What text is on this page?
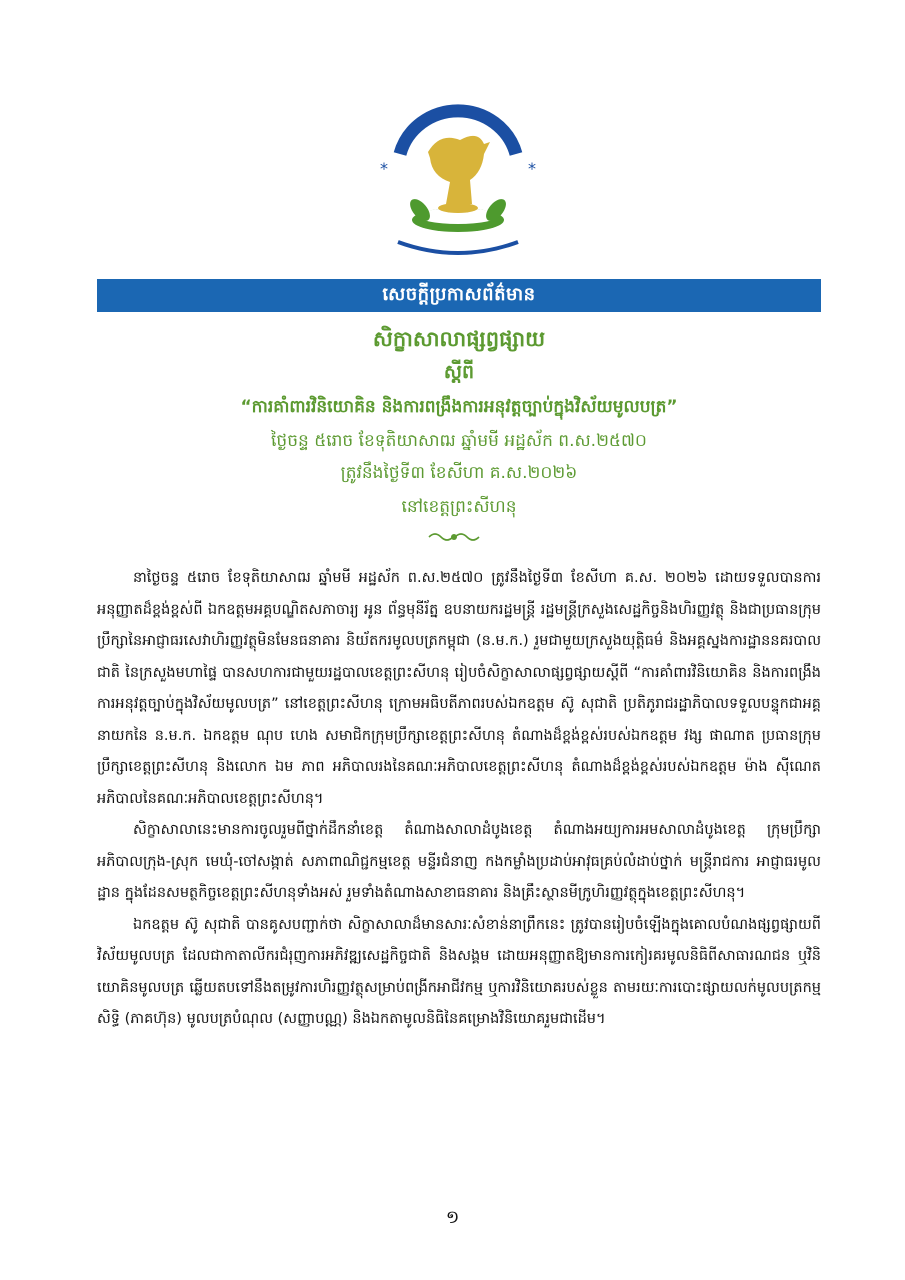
*	*
សេចក្តីប្រកាសព័ត៌មាន
សិក្ខាសាលាផ្សព្វផ្សាយ
ស្តីពី
“ការគាំពារវិនិយោគិន និងការពង្រឹងការអនុវត្តច្បាប់ក្នុងវិស័យមូលបត្រ”
ថ្ងៃចន្ទ ៥រោច ខែទុតិយាសាឍ ឆ្នាំមមី អដ្ឋស័ក ព.ស.២៥៧០
ត្រូវនឹងថ្ងៃទី៣ ខែសីហា គ.ស.២០២៦
នៅខេត្តព្រះសីហនុ

នាថ្ងៃចន្ទ ៥រោច ខែទុតិយាសាឍ ឆ្នាំមមី អដ្ឋស័ក ព.ស.២៥៧០ ត្រូវនឹងថ្ងៃទី៣ ខែសីហា គ.ស. ២០២៦ ដោយទទួលបានការអនុញ្ញាតដ៏ខ្ពង់ខ្ពស់ពី ឯកឧត្តមអគ្គបណ្ឌិតសភាចារ្យ អូន ព័ន្ធមុនីរ័ត្ន ឧបនាយករដ្ឋមន្ត្រី រដ្ឋមន្ត្រីក្រសួងសេដ្ឋកិច្ចនិងហិរញ្ញវត្ថុ និងជាប្រធានក្រុមប្រឹក្សានៃអាជ្ញាធរសេវាហិរញ្ញវត្ថុមិនមែនធនាគារ និយ័តករមូលបត្រកម្ពុជា (ន.ម.ក.) រួមជាមួយក្រសួងយុត្តិធម៌ និងអគ្គស្នងការដ្ឋាននគរបាលជាតិ នៃក្រសួងមហាផ្ទៃ បានសហការជាមួយរដ្ឋបាលខេត្តព្រះសីហនុ រៀបចំសិក្ខាសាលាផ្សព្វផ្សាយស្តីពី “ការគាំពារវិនិយោគិន និងការពង្រឹងការអនុវត្តច្បាប់ក្នុងវិស័យមូលបត្រ” នៅខេត្តព្រះសីហនុ ក្រោមអធិបតីភាពរបស់ឯកឧត្តម ស៊ូ សុជាតិ ប្រតិភូរាជរដ្ឋាភិបាលទទួលបន្ទុកជាអគ្គនាយកនៃ ន.ម.ក. ឯកឧត្តម ណុប ហេង សមាជិកក្រុមប្រឹក្សាខេត្តព្រះសីហនុ តំណាងដ៏ខ្ពង់ខ្ពស់របស់ឯកឧត្តម វង្ស ផាណាត ប្រធានក្រុមប្រឹក្សាខេត្តព្រះសីហនុ និងលោក ឯម ភាព អភិបាលរងនៃគណៈអភិបាលខេត្តព្រះសីហនុ តំណាងដ៏ខ្ពង់ខ្ពស់របស់ឯកឧត្តម ម៉ាង ស៊ីណេត អភិបាលនៃគណៈអភិបាលខេត្តព្រះសីហនុ។

សិក្ខាសាលានេះមានការចូលរួមពីថ្នាក់ដឹកនាំខេត្ត តំណាងសាលាដំបូងខេត្ត តំណាងអយ្យការអមសាលាដំបូងខេត្ត ក្រុមប្រឹក្សា អភិបាលក្រុង-ស្រុក មេឃុំ-ចៅសង្កាត់ សភាពាណិជ្ជកម្មខេត្ត មន្ទីរជំនាញ កងកម្លាំងប្រដាប់អាវុធគ្រប់លំដាប់ថ្នាក់ មន្ត្រីរាជការ អាជ្ញាធរមូលដ្ឋាន ក្នុងដែនសមត្ថកិច្ចខេត្តព្រះសីហនុទាំងអស់ រួមទាំងតំណាងសាខាធនាគារ និងគ្រឹះស្ថានមីក្រូហិរញ្ញវត្ថុក្នុងខេត្តព្រះសីហនុ។

ឯកឧត្តម ស៊ូ សុជាតិ បានគូសបញ្ជាក់ថា សិក្ខាសាលាដ៏មានសារៈសំខាន់នាព្រឹកនេះ ត្រូវបានរៀបចំឡើងក្នុងគោលបំណងផ្សព្វផ្សាយពីវិស័យមូលបត្រ ដែលជាកាតាលីករជំរុញការអភិវឌ្ឍសេដ្ឋកិច្ចជាតិ និងសង្គម ដោយអនុញ្ញាតឱ្យមានការកៀរគរមូលនិធិពីសាធារណជន ឬវិនិយោគិនមូលបត្រ ឆ្លើយតបទៅនឹងតម្រូវការហិរញ្ញវត្ថុសម្រាប់ពង្រីកអាជីវកម្ម ឬការវិនិយោគរបស់ខ្លួន តាមរយៈការបោះផ្សាយលក់មូលបត្រកម្មសិទ្ធិ (ភាគហ៊ុន) មូលបត្របំណុល (សញ្ញាបណ្ណ) និងឯកតាមូលនិធិនៃគម្រោងវិនិយោគរួមជាដើម។

១
